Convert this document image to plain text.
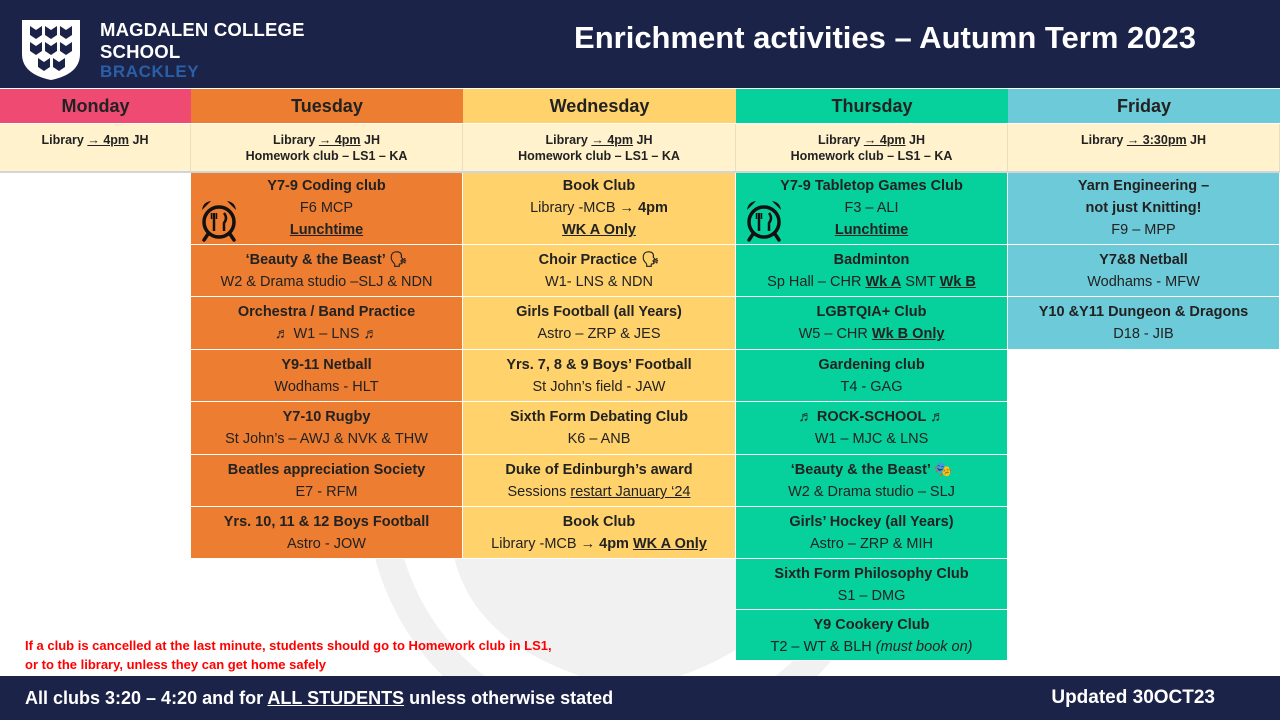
MAGDALEN COLLEGE
SCHOOL
BRACKLEY
Enrichment activities – Autumn Term 2023
Monday
Library → 4pm JH
Tuesday
Library → 4pm JH
Homework club – LS1 – KA
Y7-9 Coding club
F6 MCP
Lunchtime
‘Beauty & the Beast’ 🗣
W2 & Drama studio –SLJ & NDN
Orchestra / Band Practice
♬ W1 – LNS ♬
Y9-11 Netball
Wodhams - HLT
Y7-10 Rugby
St John’s – AWJ & NVK & THW
Beatles appreciation Society
E7 - RFM
Yrs. 10, 11 & 12 Boys Football
Astro - JOW
Wednesday
Library → 4pm JH
Homework club – LS1 – KA
Book Club
Library -MCB → 4pm
WK A Only
Choir Practice 🗣
W1- LNS & NDN
Girls Football (all Years)
Astro – ZRP & JES
Yrs. 7, 8 & 9 Boys’ Football
St John’s field - JAW
Sixth Form Debating Club
K6 – ANB
Duke of Edinburgh’s award
Sessions restart January ‘24
Book Club
Library -MCB → 4pm WK A Only
Thursday
Library → 4pm JH
Homework club – LS1 – KA
Y7-9 Tabletop Games Club
F3 – ALI
Lunchtime
Badminton
Sp Hall – CHR Wk A SMT Wk B
LGBTQIA+ Club
W5 – CHR Wk B Only
Gardening club
T4 - GAG
♬ ROCK-SCHOOL ♬
W1 – MJC & LNS
‘Beauty & the Beast’ 🎭
W2 & Drama studio – SLJ
Girls’ Hockey (all Years)
Astro – ZRP & MIH
Sixth Form Philosophy Club
S1 – DMG
Y9 Cookery Club
T2 – WT & BLH (must book on)
Friday
Library → 3:30pm JH
Yarn Engineering –
not just Knitting!
F9 – MPP
Y7&8 Netball
Wodhams - MFW
Y10 &Y11 Dungeon & Dragons
D18 - JIB
If a club is cancelled at the last minute, students should go to Homework club in LS1,
or to the library, unless they can get home safely
All clubs 3:20 – 4:20 and for ALL STUDENTS unless otherwise stated	Updated 30OCT23
